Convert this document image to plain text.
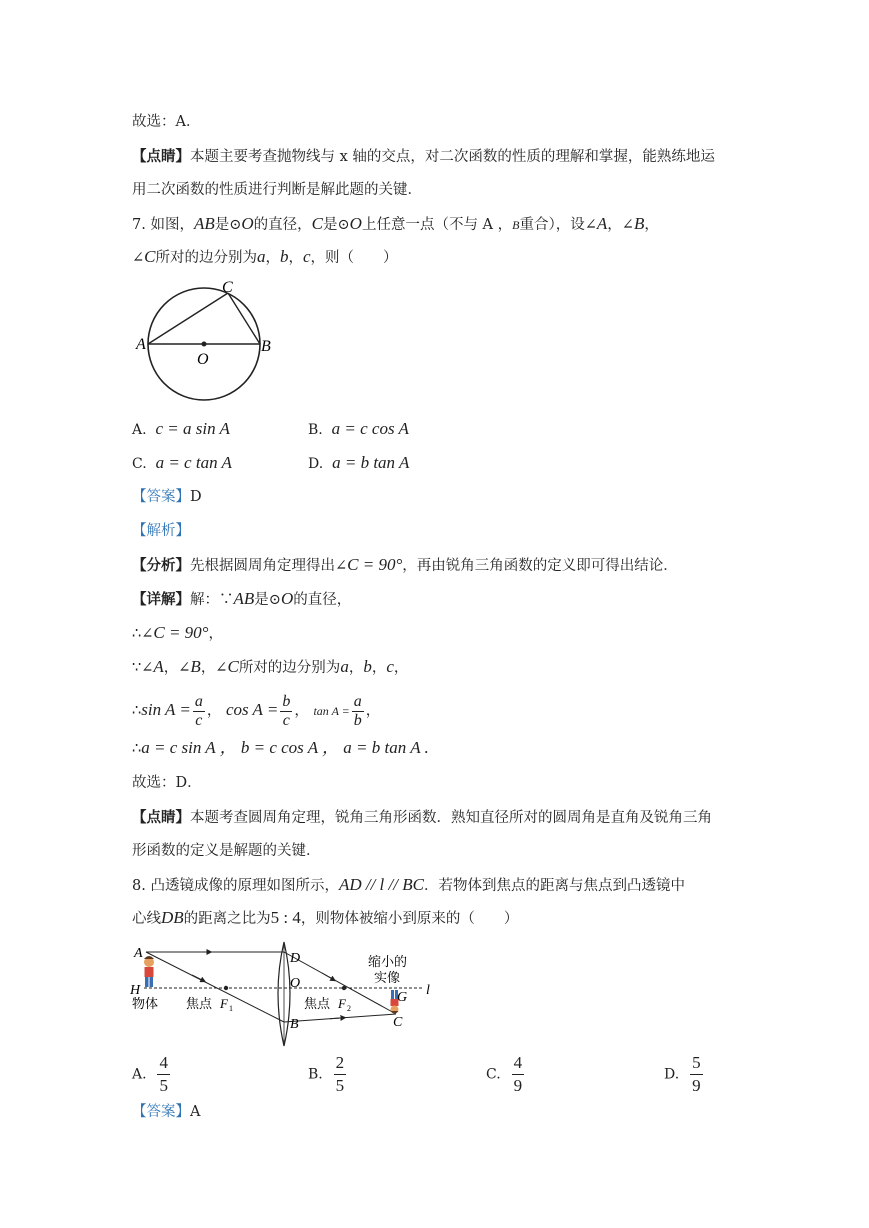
故选：A．
【点睛】本题主要考查抛物线与 x 轴的交点，对二次函数的性质的理解和掌握，能熟练地运
用二次函数的性质进行判断是解此题的关键．
7. 如图，AB是⊙O的直径，C是⊙O上任意一点（不与 A ，B重合），设∠A，∠B，
∠C所对的边分别为a，b，c，则（　　）
A	B
C
O
A. c = a sin A	B. a = c cos A
C. a = c tan A	D. a = b tan A
【答案】D
【解析】
【分析】先根据圆周角定理得出∠C = 90°，再由锐角三角函数的定义即可得出结论．
【详解】解：∵AB是⊙O的直径，
∴∠C = 90°，
∵∠A，∠B，∠C所对的边分别为a，b，c，
∴sin $A = \frac{a}{c}$ ， $\cos A = \frac{b}{c}$ ， $\tan A = \frac{a}{b}$ ，
∴a = c sin A ， b = c cos A ， a = b tan A .
故选：D．
【点睛】本题考查圆周角定理，锐角三角形函数．熟知直径所对的圆周角是直角及锐角三角
形函数的定义是解题的关键．
8. 凸透镜成像的原理如图所示，AD // l // BC．若物体到焦点的距离与焦点到凸透镜中
心线DB的距离之比为5 : 4，则物体被缩小到原来的（　　）
A
H
D
O
B	C
G l
物体 焦点 F 1	焦点 F 2
缩小的
实像
A. $\frac{4}{5}$	B. $\frac{2}{5}$	C. $\frac{4}{9}$	D. $\frac{5}{9}$
【答案】A
